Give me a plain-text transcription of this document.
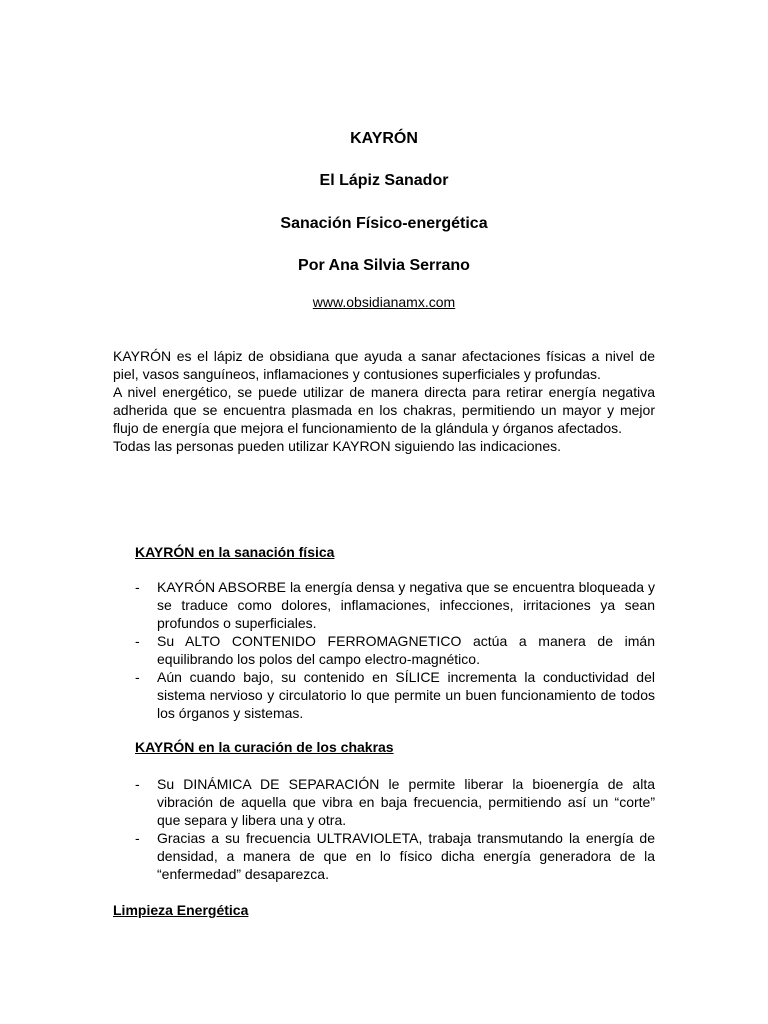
KAYRÓN
El Lápiz Sanador
Sanación Físico-energética
Por Ana Silvia Serrano
www.obsidianamx.com

KAYRÓN es el lápiz de obsidiana que ayuda a sanar afectaciones físicas a nivel de piel, vasos sanguíneos, inflamaciones y contusiones superficiales y profundas.

A nivel energético, se puede utilizar de manera directa para retirar energía negativa adherida que se encuentra plasmada en los chakras, permitiendo un mayor y mejor flujo de energía que mejora el funcionamiento de la glándula y órganos afectados.

Todas las personas pueden utilizar KAYRON siguiendo las indicaciones.

KAYRÓN en la sanación física
- KAYRÓN ABSORBE la energía densa y negativa que se encuentra bloqueada y se traduce como dolores, inflamaciones, infecciones, irritaciones ya sean profundos o superficiales.
- Su ALTO CONTENIDO FERROMAGNETICO actúa a manera de imán equilibrando los polos del campo electro-magnético.
- Aún cuando bajo, su contenido en SÍLICE incrementa la conductividad del sistema nervioso y circulatorio lo que permite un buen funcionamiento de todos los órganos y sistemas.
KAYRÓN en la curación de los chakras
- Su DINÁMICA DE SEPARACIÓN le permite liberar la bioenergía de alta vibración de aquella que vibra en baja frecuencia, permitiendo así un “corte” que separa y libera una y otra.
- Gracias a su frecuencia ULTRAVIOLETA, trabaja transmutando la energía de densidad, a manera de que en lo físico dicha energía generadora de la “enfermedad” desaparezca.
Limpieza Energética
